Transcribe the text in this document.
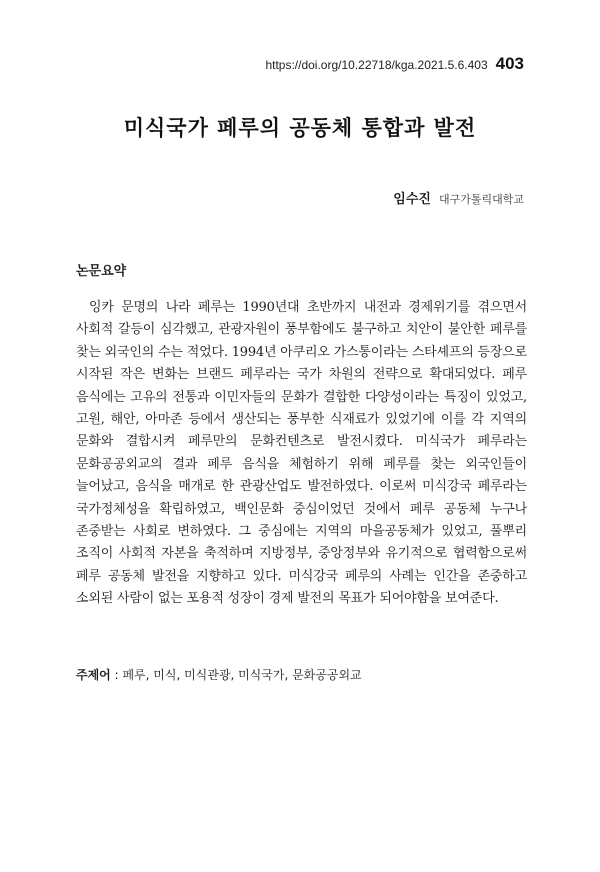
https://doi.org/10.22718/kga.2021.5.6.403 403
미식국가 페루의 공동체 통합과 발전
임수진 대구가톨릭대학교
논문요약

잉카 문명의 나라 페루는 1990년대 초반까지 내전과 경제위기를 겪으면서 사회적 갈등이 심각했고, 관광자원이 풍부함에도 불구하고 치안이 불안한 페루를 찾는 외국인의 수는 적었다. 1994년 아쿠리오 가스통이라는 스타셰프의 등장으로 시작된 작은 변화는 브랜드 페루라는 국가 차원의 전략으로 확대되었다. 페루 음식에는 고유의 전통과 이민자들의 문화가 결합한 다양성이라는 특징이 있었고, 고원, 해안, 아마존 등에서 생산되는 풍부한 식재료가 있었기에 이를 각 지역의 문화와 결합시켜 페루만의 문화컨텐츠로 발전시켰다. 미식국가 페루라는 문화공공외교의 결과 페루 음식을 체험하기 위해 페루를 찾는 외국인들이 늘어났고, 음식을 매개로 한 관광산업도 발전하였다. 이로써 미식강국 페루라는 국가정체성을 확립하였고, 백인문화 중심이었던 것에서 페루 공동체 누구나 존중받는 사회로 변하였다. 그 중심에는 지역의 마을공동체가 있었고, 풀뿌리 조직이 사회적 자본을 축적하며 지방정부, 중앙정부와 유기적으로 협력함으로써 페루 공동체 발전을 지향하고 있다. 미식강국 페루의 사례는 인간을 존중하고 소외된 사람이 없는 포용적 성장이 경제 발전의 목표가 되어야함을 보여준다.

주제어 : 페루, 미식, 미식관광, 미식국가, 문화공공외교
